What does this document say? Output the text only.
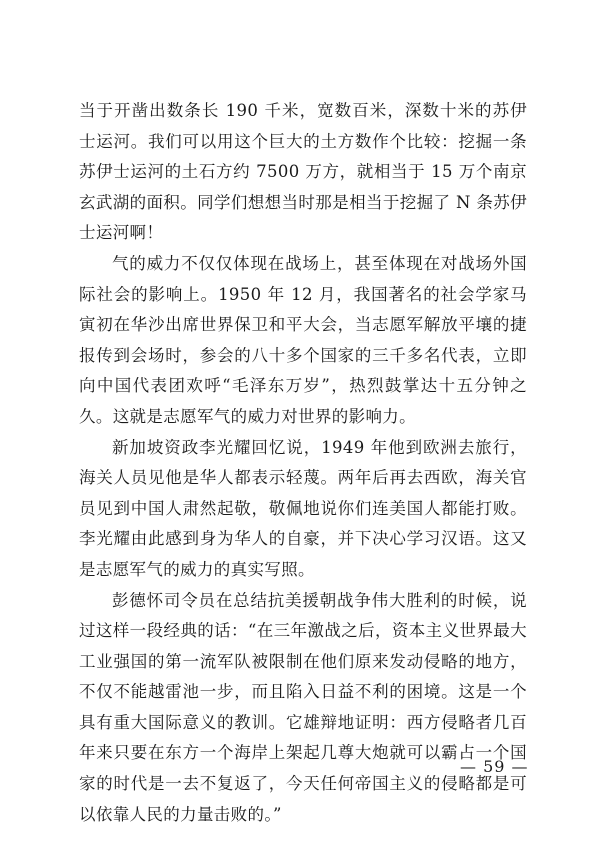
当于开凿出数条长 190 千米，宽数百米，深数十米的苏伊士运河。我们可以用这个巨大的土方数作个比较：挖掘一条苏伊士运河的土石方约 7500 万方，就相当于 15 万个南京玄武湖的面积。同学们想想当时那是相当于挖掘了 N 条苏伊士运河啊！

气的威力不仅仅体现在战场上，甚至体现在对战场外国际社会的影响上。1950 年 12 月，我国著名的社会学家马寅初在华沙出席世界保卫和平大会，当志愿军解放平壤的捷报传到会场时，参会的八十多个国家的三千多名代表，立即向中国代表团欢呼“毛泽东万岁”，热烈鼓掌达十五分钟之久。这就是志愿军气的威力对世界的影响力。

新加坡资政李光耀回忆说，1949 年他到欧洲去旅行，海关人员见他是华人都表示轻蔑。两年后再去西欧，海关官员见到中国人肃然起敬，敬佩地说你们连美国人都能打败。李光耀由此感到身为华人的自豪，并下决心学习汉语。这又是志愿军气的威力的真实写照。

彭德怀司令员在总结抗美援朝战争伟大胜利的时候，说过这样一段经典的话：“在三年激战之后，资本主义世界最大工业强国的第一流军队被限制在他们原来发动侵略的地方，不仅不能越雷池一步，而且陷入日益不利的困境。这是一个具有重大国际意义的教训。它雄辩地证明：西方侵略者几百年来只要在东方一个海岸上架起几尊大炮就可以霸占一个国家的时代是一去不复返了，今天任何帝国主义的侵略都是可以依靠人民的力量击败的。”

— 59 —
